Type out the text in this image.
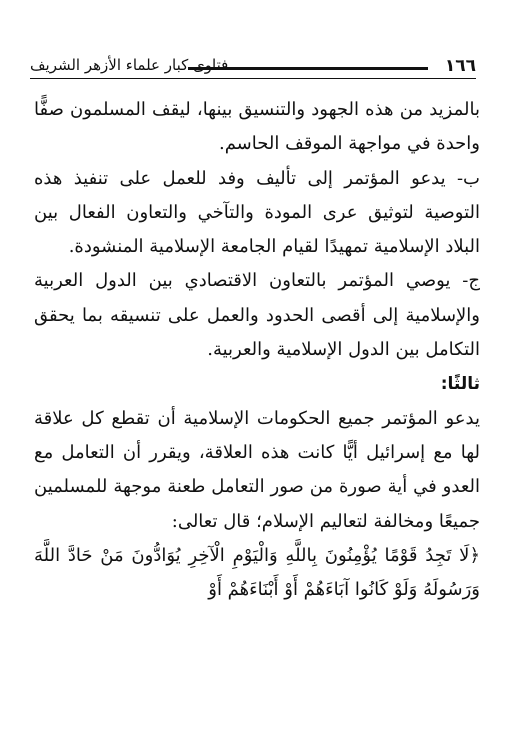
فتاوى كبار علماء الأزهر الشريف	١٦٦

بالمزيد من هذه الجهود والتنسيق بينها، ليقف المسلمون صفًّا واحدة في مواجهة الموقف الحاسم.

ب- يدعو المؤتمر إلى تأليف وفد للعمل على تنفيذ هذه التوصية لتوثيق عرى المودة والتآخي والتعاون الفعال بين البلاد الإسلامية تمهيدًا لقيام الجامعة الإسلامية المنشودة.

ج- يوصي المؤتمر بالتعاون الاقتصادي بين الدول العربية والإسلامية إلى أقصى الحدود والعمل على تنسيقه بما يحقق التكامل بين الدول الإسلامية والعربية.

ثالثًا:

يدعو المؤتمر جميع الحكومات الإسلامية أن تقطع كل علاقة لها مع إسرائيل أيًّا كانت هذه العلاقة، ويقرر أن التعامل مع العدو في أية صورة من صور التعامل طعنة موجهة للمسلمين جميعًا ومخالفة لتعاليم الإسلام؛ قال تعالى:

﴿لَا تَجِدُ قَوْمًا يُؤْمِنُونَ بِاللَّهِ وَالْيَوْمِ الْآخِرِ يُوَادُّونَ مَنْ حَادَّ اللَّهَ وَرَسُولَهُ وَلَوْ كَانُوا آبَاءَهُمْ أَوْ أَبْنَاءَهُمْ أَوْ
